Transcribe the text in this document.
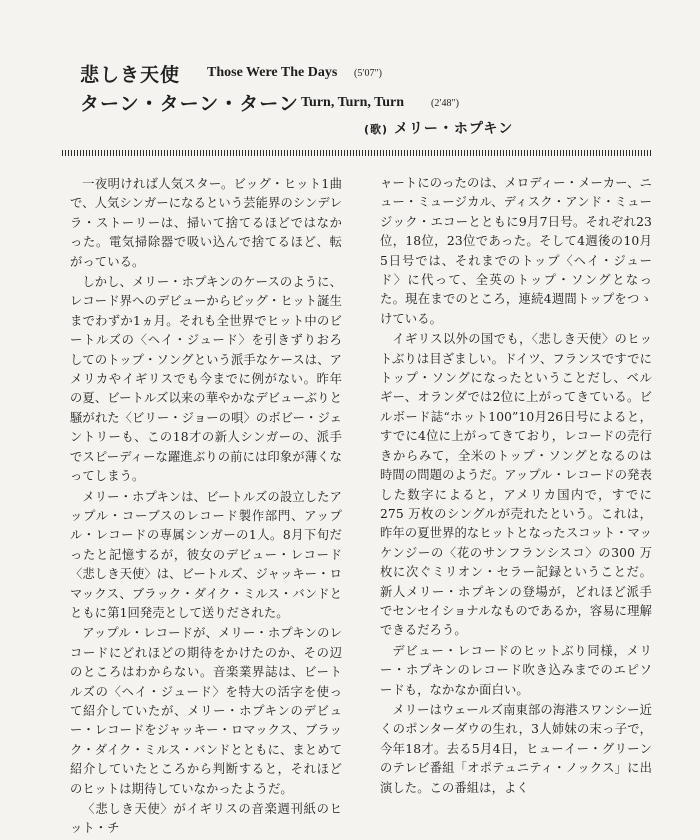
悲しき天使 Those Were The Days (5′07″)
ターン・ターン・ターン Turn, Turn, Turn	(2′48″)
(歌) メリー・ホプキン

一夜明ければ人気スター。ビッグ・ヒット1曲で、人気シンガーになるという芸能界のシンデレラ・ストーリーは、掃いて捨てるほどではなかった。電気掃除器で吸い込んで捨てるほど、転がっている。

しかし、メリー・ホプキンのケースのように、レコード界へのデビューからビッグ・ヒット誕生までわずか1ヵ月。それも全世界でヒット中のビートルズの〈ヘイ・ジュード〉を引きずりおろしてのトップ・ソングという派手なケースは、アメリカやイギリスでも今までに例がない。昨年の夏、ビートルズ以来の華やかなデビューぶりと騒がれた〈ビリー・ジョーの唄〉のボビー・ジェントリーも、この18才の新人シンガーの、派手でスピーディーな躍進ぶりの前には印象が薄くなってしまう。

メリー・ホプキンは、ビートルズの設立したアップル・コーブスのレコード製作部門、アップル・レコードの専属シンガーの1人。8月下旬だったと記憶するが，彼女のデビュー・レコード〈悲しき天使〉は、ビートルズ、ジャッキー・ロマックス、ブラック・ダイク・ミルス・バンドとともに第1回発売として送りだされた。

アップル・レコードが、メリー・ホプキンのレコードにどれほどの期待をかけたのか、その辺のところはわからない。音楽業界誌は、ビートルズの〈ヘイ・ジュード〉を特大の活字を使って紹介していたが、メリー・ホプキンのデビュー・レコードをジャッキー・ロマックス、ブラック・ダイク・ミルス・バンドとともに、まとめて紹介していたところから判断すると，それほどのヒットは期待していなかったようだ。

〈悲しき天使〉がイギリスの音楽週刊紙のヒット・チ

ャートにのったのは、メロディー・メーカー、ニュー・ミュージカル、ディスク・アンド・ミュージック・エコーとともに9月7日号。それぞれ23位，18位，23位であった。そして4週後の10月5日号では、それまでのトップ〈ヘイ・ジュード〉に代って、全英のトップ・ソングとなった。現在までのところ，連続4週間トップをつゝけている。

イギリス以外の国でも，〈悲しき天使〉のヒットぶりは目ざましい。ドイツ、フランスですでにトップ・ソングになったということだし、ベルギー、オランダでは2位に上がってきている。ビルボード誌“ホット100”10月26日号によると，すでに4位に上がってきており，レコードの売行きからみて，全米のトップ・ソングとなるのは時間の問題のようだ。アップル・レコードの発表した数字によると，アメリカ国内で，すでに 275 万枚のシングルが売れたという。これは，昨年の夏世界的なヒットとなったスコット・マッケンジーの〈花のサンフランシスコ〉の300 万枚に次ぐミリオン・セラー記録ということだ。新人メリー・ホプキンの登場が，どれほど派手でセンセイショナルなものであるか，容易に理解できるだろう。

デビュー・レコードのヒットぶり同様，メリー・ホプキンのレコード吹き込みまでのエピソードも，なかなか面白い。

メリーはウェールズ南東部の海港スワンシー近くのポンターダウの生れ，3人姉妹の末っ子で，今年18才。去る5月4日，ヒューイー・グリーンのテレビ番組「オポテュニティ・ノックス」に出演した。この番組は，よく
